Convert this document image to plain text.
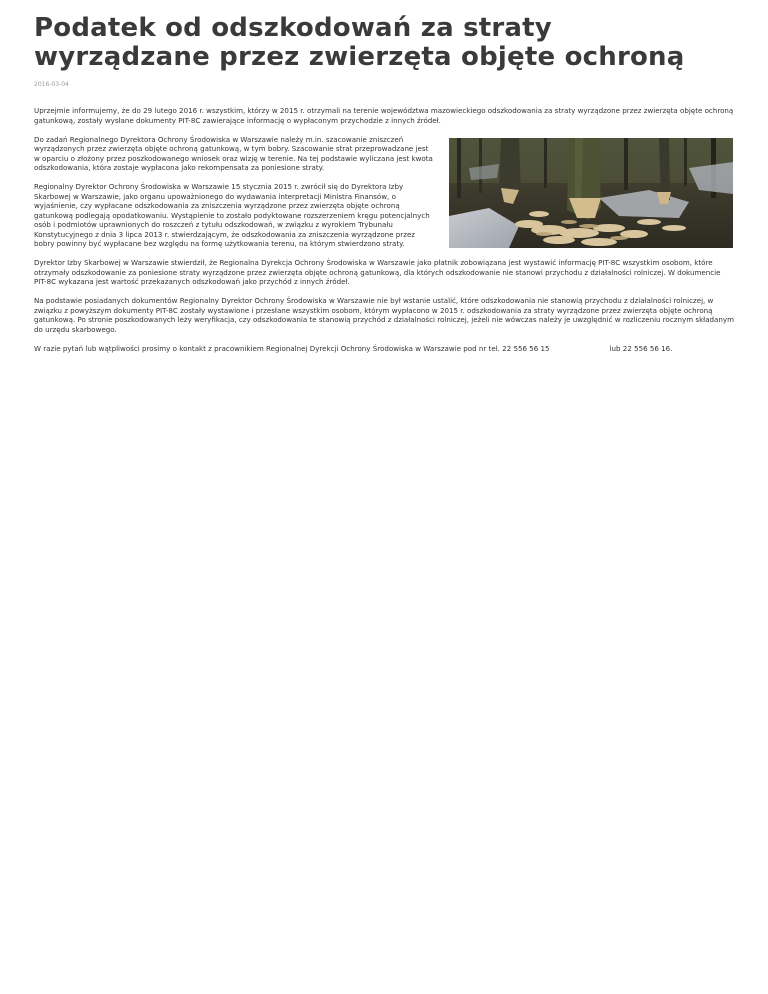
Podatek od odszkodowań za straty wyrządzane przez zwierzęta objęte ochroną
2016-03-04

Uprzejmie informujemy, że do 29 lutego 2016 r. wszystkim, którzy w 2015 r. otrzymali na terenie województwa mazowieckiego odszkodowania za straty wyrządzone przez zwierzęta objęte ochroną gatunkową, zostały wysłane dokumenty PIT-8C zawierające informację o wypłaconym przychodzie z innych źródeł.

Do zadań Regionalnego Dyrektora Ochrony Środowiska w Warszawie należy m.in. szacowanie zniszczeń wyrządzonych przez zwierzęta objęte ochroną gatunkową, w tym bobry. Szacowanie strat przeprowadzane jest w oparciu o złożony przez poszkodowanego wniosek oraz wizję w terenie. Na tej podstawie wyliczana jest kwota odszkodowania, która zostaje wypłacona jako rekompensata za poniesione straty.

Regionalny Dyrektor Ochrony Środowiska w Warszawie 15 stycznia 2015 r. zwrócił się do Dyrektora Izby Skarbowej w Warszawie, jako organu upoważnionego do wydawania interpretacji Ministra Finansów, o wyjaśnienie, czy wypłacane odszkodowania za zniszczenia wyrządzone przez zwierzęta objęte ochroną gatunkową podlegają opodatkowaniu. Wystąpienie to zostało podyktowane rozszerzeniem kręgu potencjalnych osób i podmiotów uprawnionych do roszczeń z tytułu odszkodowań, w związku z wyrokiem Trybunału Konstytucyjnego z dnia 3 lipca 2013 r. stwierdzającym, że odszkodowania za zniszczenia wyrządzone przez bobry powinny być wypłacane bez względu na formę użytkowania terenu, na którym stwierdzono straty.

Dyrektor Izby Skarbowej w Warszawie stwierdził, że Regionalna Dyrekcja Ochrony Środowiska w Warszawie jako płatnik zobowiązana jest wystawić informację PIT-8C wszystkim osobom, które otrzymały odszkodowanie za poniesione straty wyrządzone przez zwierzęta objęte ochroną gatunkową, dla których odszkodowanie nie stanowi przychodu z działalności rolniczej. W dokumencie PIT-8C wykazana jest wartość przekazanych odszkodowań jako przychód z innych źródeł.

Na podstawie posiadanych dokumentów Regionalny Dyrektor Ochrony Środowiska w Warszawie nie był wstanie ustalić, które odszkodowania nie stanowią przychodu z działalności rolniczej, w związku z powyższym dokumenty PIT-8C zostały wystawione i przesłane wszystkim osobom, którym wypłacono w 2015 r. odszkodowania za straty wyrządzone przez zwierzęta objęte ochroną gatunkową. Po stronie poszkodowanych leży weryfikacja, czy odszkodowania te stanowią przychód z działalności rolniczej, jeżeli nie wówczas należy je uwzględnić w rozliczeniu rocznym składanym do urzędu skarbowego.

W razie pytań lub wątpliwości prosimy o kontakt z pracownikiem Regionalnej Dyrekcji Ochrony Środowiska w Warszawie pod nr tel. 22 556 56 15	lub 22 556 56 16.
